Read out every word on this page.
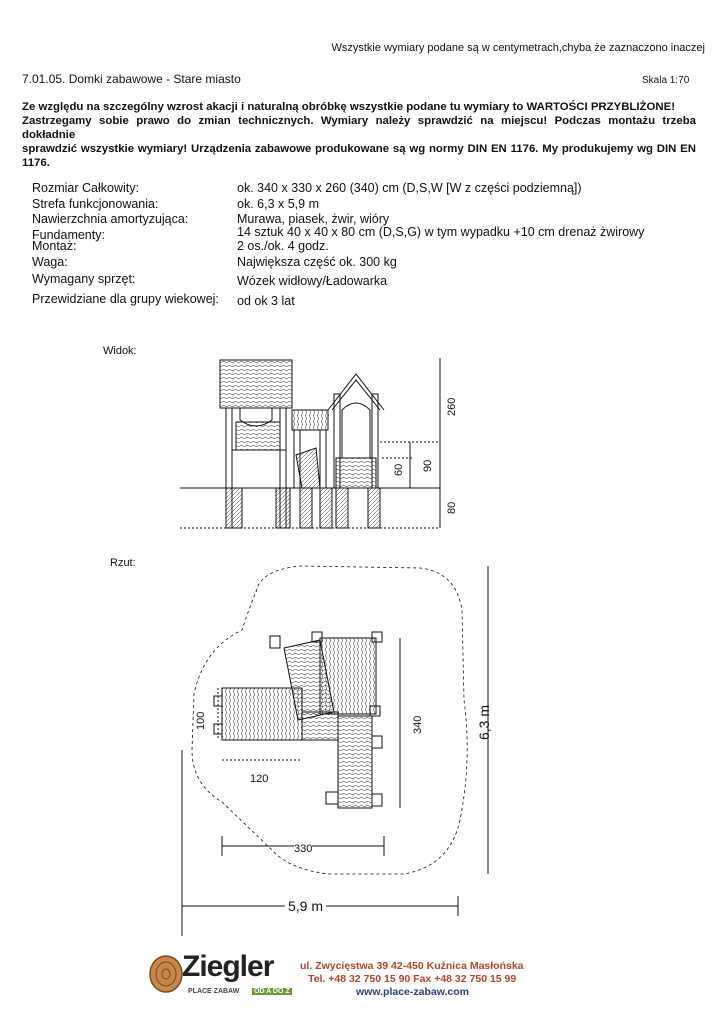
Wszystkie wymiary podane są w centymetrach,chyba że zaznaczono inaczej
7.01.05. Domki zabawowe - Stare miasto	Skala 1:70
Ze względu na szczególny wzrost akacji i naturalną obróbkę wszystkie podane tu wymiary to WARTOŚCI PRZYBLIŻONE!
Zastrzegamy sobie prawo do zmian technicznych. Wymiary należy sprawdzić na miejscu! Podczas montażu trzeba dokładnie
sprawdzić wszystkie wymiary! Urządzenia zabawowe produkowane są wg normy DIN EN 1176. My produkujemy wg DIN EN 1176.
Rozmiar Całkowity:	ok. 340 x 330 x 260 (340) cm (D,S,W [W z części podziemną])
Strefa funkcjonowania:	ok. 6,3 x 5,9 m
Nawierzchnia amortyzująca:	Murawa, piasek, żwir, wióry
Fundamenty:	14 sztuk 40 x 40 x 80 cm (D,S,G) w tym wypadku +10 cm drenaż żwirowy
Montaż:	2 os./ok. 4 godz.
Waga:	Największa część ok. 300 kg
Wymagany sprzęt:	Wózek widłowy/Ładowarka
Przewidziane dla grupy wiekowej: od ok 3 lat
Widok:
Rzut:
260
90
60
80
100
120
340
330
6,3 m
5,9 m
Ziegler
PLACE ZABAW OD A DO Z
ul. Zwycięstwa 39 42-450 Kuźnica Masłońska
Tel. +48 32 750 15 90 Fax +48 32 750 15 99
www.place-zabaw.com
